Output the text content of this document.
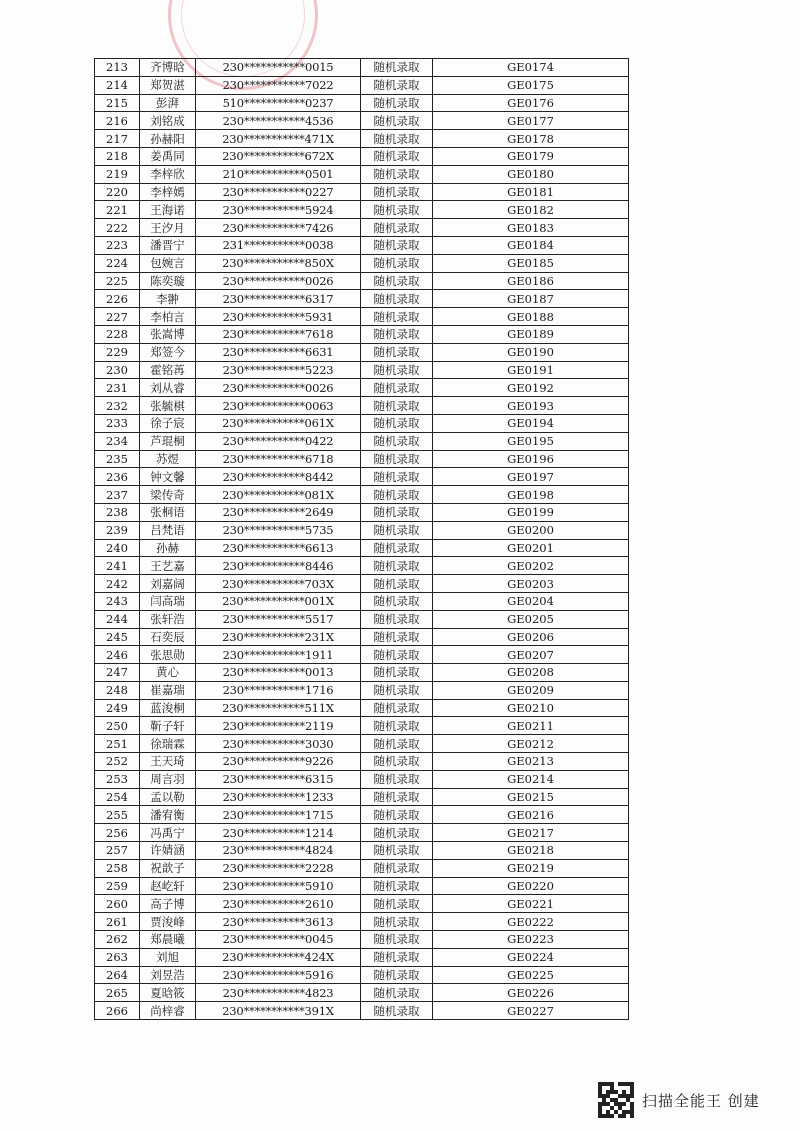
213	齐博晗	230***********0015	随机录取	GE0174
214	郑贺湛	230***********7022	随机录取	GE0175
215	彭湃	510***********0237	随机录取	GE0176
216	刘铭成	230***********4536	随机录取	GE0177
217	孙赫阳	230***********471X	随机录取	GE0178
218	姜禹同	230***********672X	随机录取	GE0179
219	李梓欣	210***********0501	随机录取	GE0180
220	李梓嫣	230***********0227	随机录取	GE0181
221	王海诺	230***********5924	随机录取	GE0182
222	王汐月	230***********7426	随机录取	GE0183
223	潘晋宁	231***********0038	随机录取	GE0184
224	包婉言	230***********850X	随机录取	GE0185
225	陈奕璇	230***********0026	随机录取	GE0186
226	李翀	230***********6317	随机录取	GE0187
227	李柏言	230***********5931	随机录取	GE0188
228	张嵩博	230***********7618	随机录取	GE0189
229	郑签今	230***********6631	随机录取	GE0190
230	霍铭苒	230***********5223	随机录取	GE0191
231	刘从睿	230***********0026	随机录取	GE0192
232	张毓棋	230***********0063	随机录取	GE0193
233	徐子宸	230***********061X	随机录取	GE0194
234	芦琨桐	230***********0422	随机录取	GE0195
235	苏煜	230***********6718	随机录取	GE0196
236	钟文馨	230***********8442	随机录取	GE0197
237	梁传奇	230***********081X	随机录取	GE0198
238	张桐语	230***********2649	随机录取	GE0199
239	吕梵语	230***********5735	随机录取	GE0200
240	孙赫	230***********6613	随机录取	GE0201
241	王艺嘉	230***********8446	随机录取	GE0202
242	刘嘉阔	230***********703X	随机录取	GE0203
243	闫高瑞	230***********001X	随机录取	GE0204
244	张轩浩	230***********5517	随机录取	GE0205
245	石奕辰	230***********231X	随机录取	GE0206
246	张思勋	230***********1911	随机录取	GE0207
247	黄心	230***********0013	随机录取	GE0208
248	崔嘉瑞	230***********1716	随机录取	GE0209
249	蓝浚桐	230***********511X	随机录取	GE0210
250	靳子轩	230***********2119	随机录取	GE0211
251	徐瑞霖	230***********3030	随机录取	GE0212
252	王天琦	230***********9226	随机录取	GE0213
253	周言羽	230***********6315	随机录取	GE0214
254	孟以勒	230***********1233	随机录取	GE0215
255	潘宥衡	230***********1715	随机录取	GE0216
256	冯禹宁	230***********1214	随机录取	GE0217
257	许婧涵	230***********4824	随机录取	GE0218
258	祝歆子	230***********2228	随机录取	GE0219
259	赵屹轩	230***********5910	随机录取	GE0220
260	高子博	230***********2610	随机录取	GE0221
261	贾浚峰	230***********3613	随机录取	GE0222
262	郑晨曦	230***********0045	随机录取	GE0223
263	刘旭	230***********424X	随机录取	GE0224
264	刘昱浩	230***********5916	随机录取	GE0225
265	夏晗筱	230***********4823	随机录取	GE0226
266	尚梓睿	230***********391X	随机录取	GE0227
扫描全能王 创建
